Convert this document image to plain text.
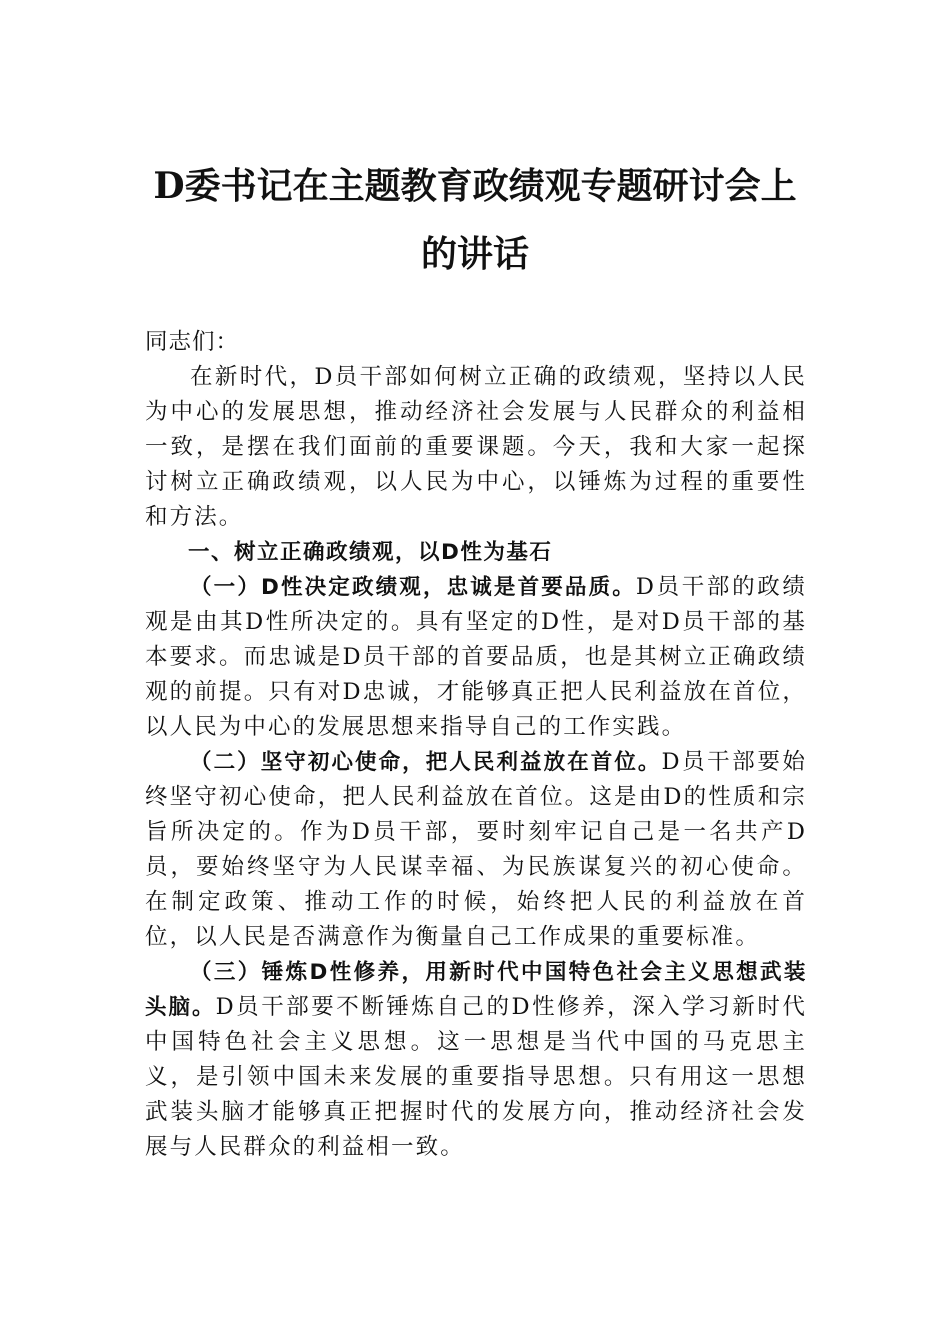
D委书记在主题教育政绩观专题研讨会上
的讲话

同志们：

在新时代，D员干部如何树立正确的政绩观，坚持以人民为中心的发展思想，推动经济社会发展与人民群众的利益相一致，是摆在我们面前的重要课题。今天，我和大家一起探讨树立正确政绩观，以人民为中心，以锤炼为过程的重要性和方法。

一、树立正确政绩观，以D性为基石

（一）D性决定政绩观，忠诚是首要品质。D员干部的政绩观是由其D性所决定的。具有坚定的D性，是对D员干部的基本要求。而忠诚是D员干部的首要品质，也是其树立正确政绩观的前提。只有对D忠诚，才能够真正把人民利益放在首位，以人民为中心的发展思想来指导自己的工作实践。

（二）坚守初心使命，把人民利益放在首位。D员干部要始终坚守初心使命，把人民利益放在首位。这是由D的性质和宗旨所决定的。作为D员干部，要时刻牢记自己是一名共产D员，要始终坚守为人民谋幸福、为民族谋复兴的初心使命。在制定政策、推动工作的时候，始终把人民的利益放在首位，以人民是否满意作为衡量自己工作成果的重要标准。

（三）锤炼D性修养，用新时代中国特色社会主义思想武装头脑。D员干部要不断锤炼自己的D性修养，深入学习新时代中国特色社会主义思想。这一思想是当代中国的马克思主义，是引领中国未来发展的重要指导思想。只有用这一思想武装头脑才能够真正把握时代的发展方向，推动经济社会发展与人民群众的利益相一致。
